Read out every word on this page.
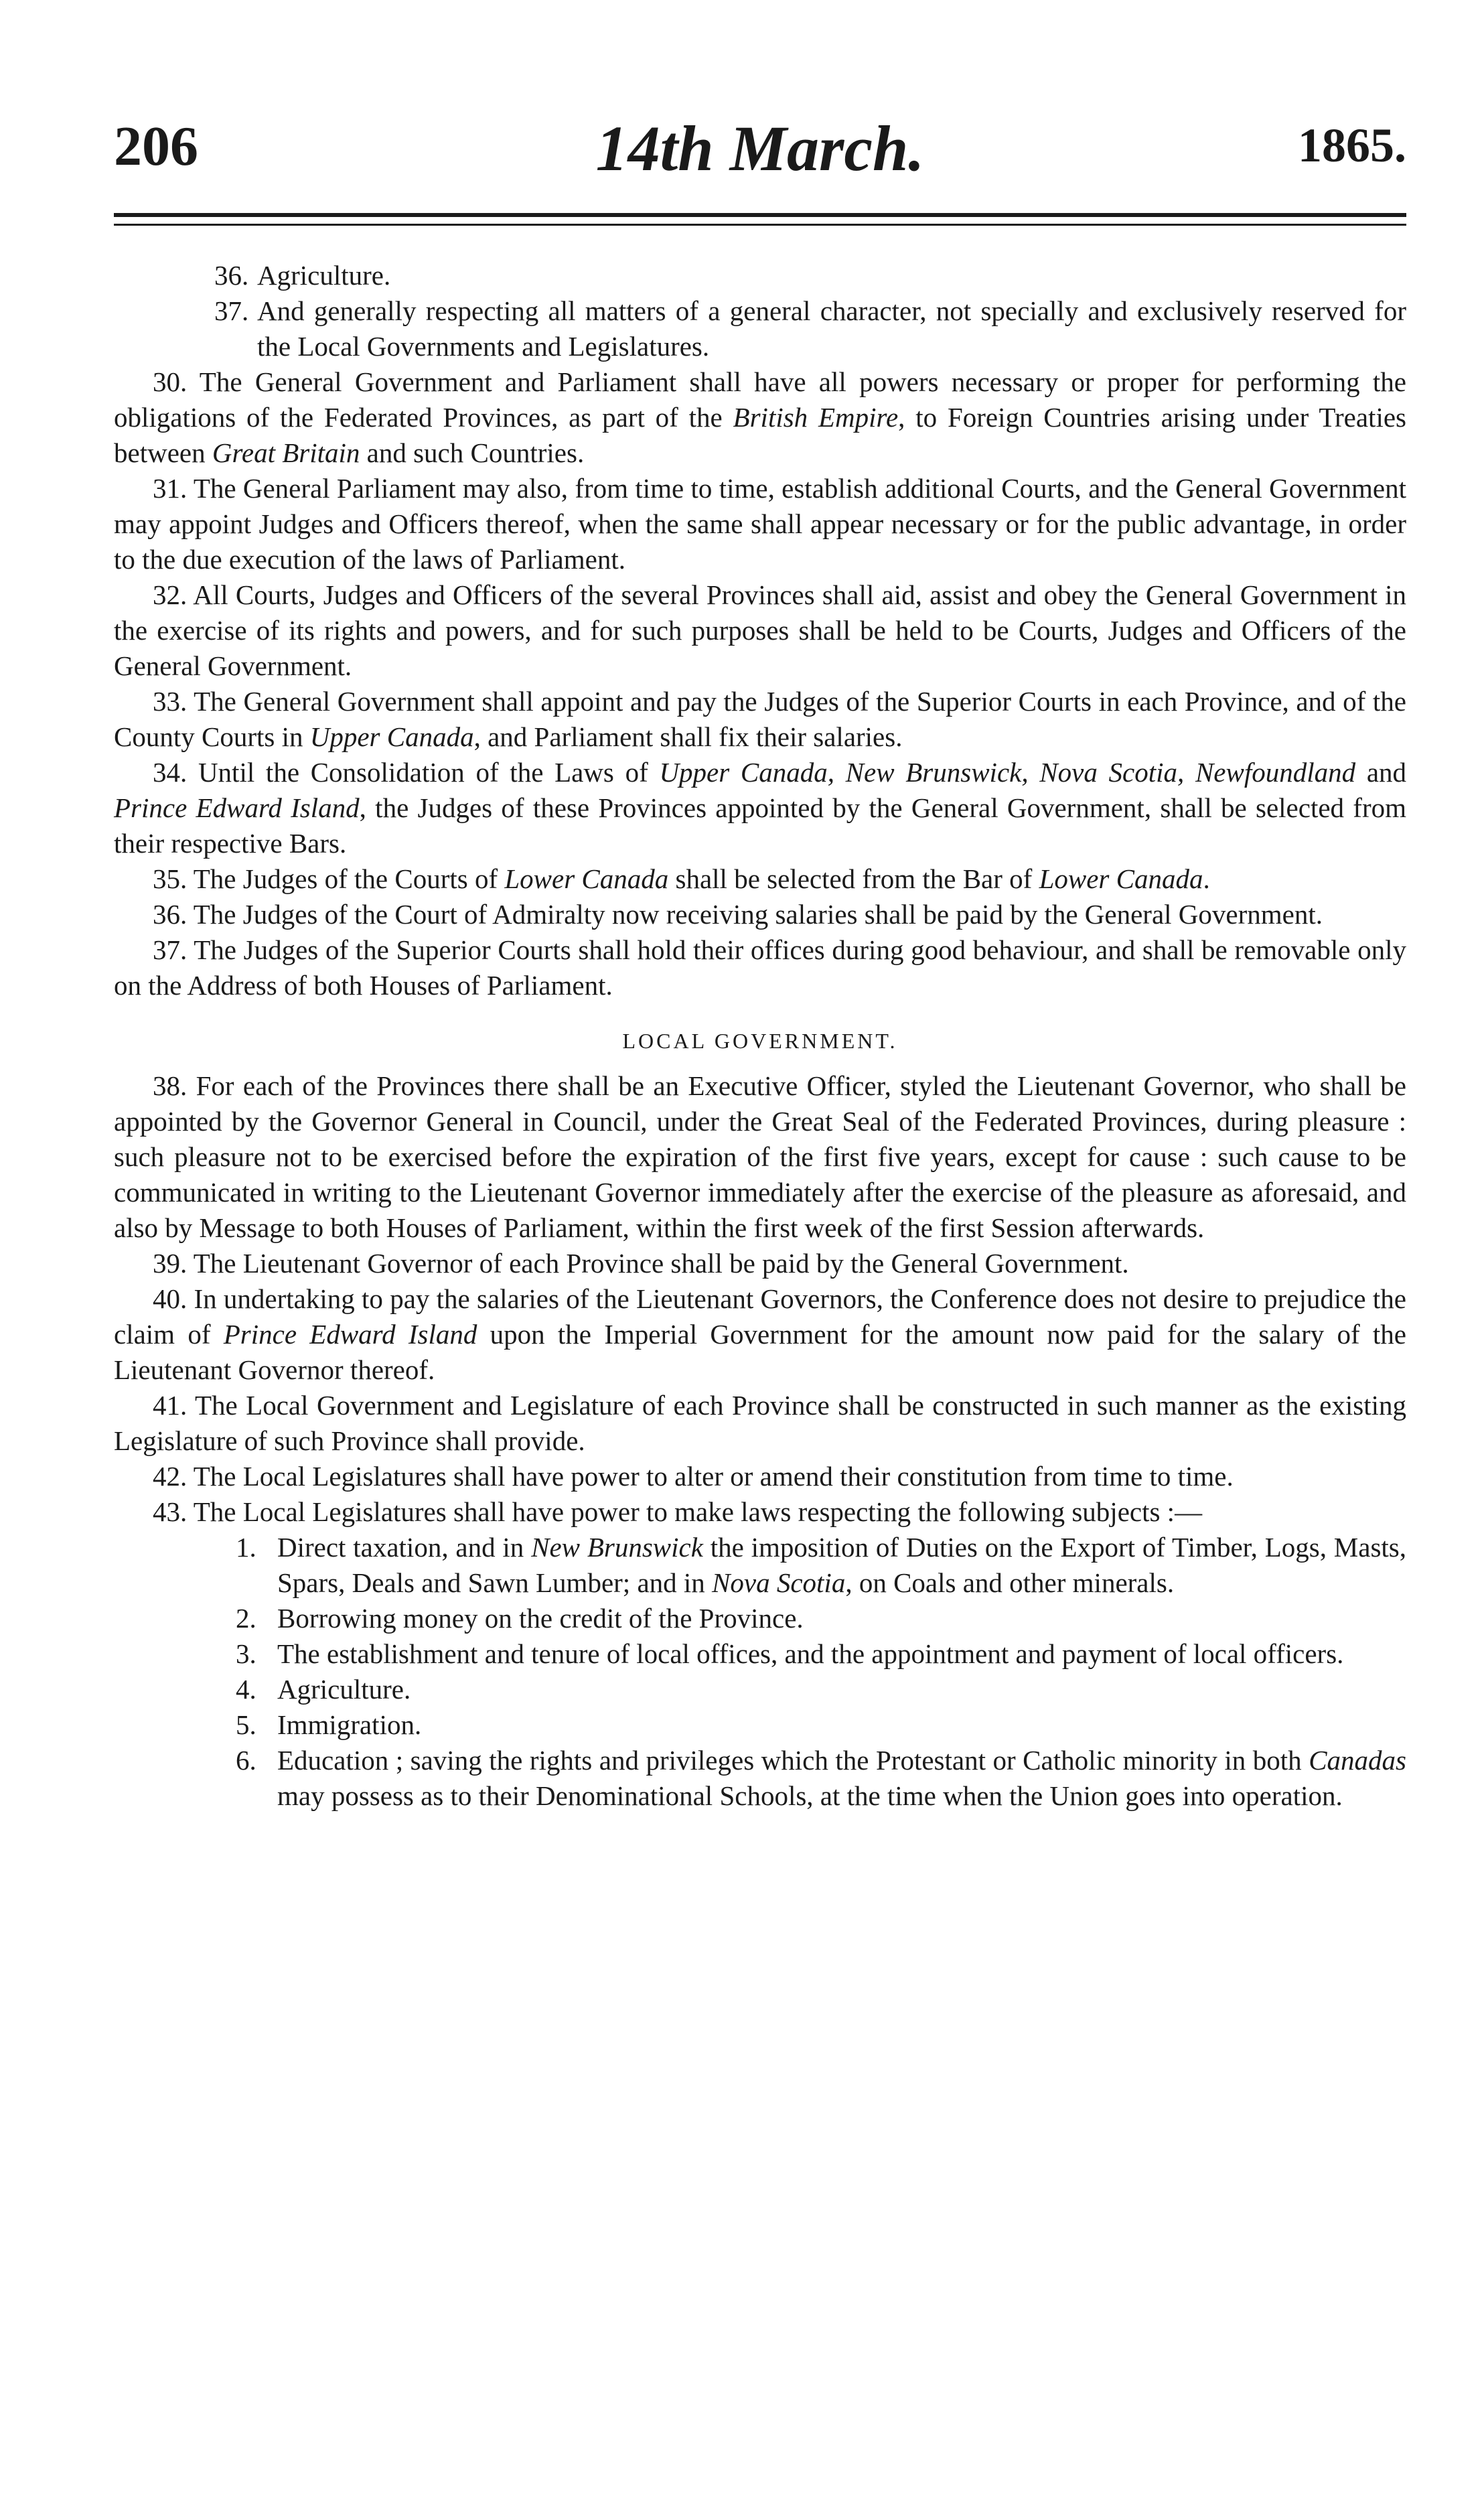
206	14th March.	1865.
36. Agriculture.
37. And generally respecting all matters of a general character, not specially and exclusively reserved for the Local Governments and Legislatures.

30. The General Government and Parliament shall have all powers necessary or proper for performing the obligations of the Federated Provinces, as part of the British Empire, to Foreign Countries arising under Treaties between Great Britain and such Countries.

31. The General Parliament may also, from time to time, establish additional Courts, and the General Government may appoint Judges and Officers thereof, when the same shall appear necessary or for the public advantage, in order to the due execution of the laws of Parliament.

32. All Courts, Judges and Officers of the several Provinces shall aid, assist and obey the General Government in the exercise of its rights and powers, and for such purposes shall be held to be Courts, Judges and Officers of the General Government.

33. The General Government shall appoint and pay the Judges of the Superior Courts in each Province, and of the County Courts in Upper Canada, and Parliament shall fix their salaries.

34. Until the Consolidation of the Laws of Upper Canada, New Brunswick, Nova Scotia, Newfoundland and Prince Edward Island, the Judges of these Provinces appointed by the General Government, shall be selected from their respective Bars.

35. The Judges of the Courts of Lower Canada shall be selected from the Bar of Lower Canada.

36. The Judges of the Court of Admiralty now receiving salaries shall be paid by the General Government.

37. The Judges of the Superior Courts shall hold their offices during good behaviour, and shall be removable only on the Address of both Houses of Parliament.

LOCAL GOVERNMENT.

38. For each of the Provinces there shall be an Executive Officer, styled the Lieutenant Governor, who shall be appointed by the Governor General in Council, under the Great Seal of the Federated Provinces, during pleasure : such pleasure not to be exercised before the expiration of the first five years, except for cause : such cause to be communicated in writing to the Lieutenant Governor immediately after the exercise of the pleasure as aforesaid, and also by Message to both Houses of Parliament, within the first week of the first Session afterwards.

39. The Lieutenant Governor of each Province shall be paid by the General Government.

40. In undertaking to pay the salaries of the Lieutenant Governors, the Conference does not desire to prejudice the claim of Prince Edward Island upon the Imperial Government for the amount now paid for the salary of the Lieutenant Governor thereof.

41. The Local Government and Legislature of each Province shall be constructed in such manner as the existing Legislature of such Province shall provide.

42. The Local Legislatures shall have power to alter or amend their constitution from time to time.

43. The Local Legislatures shall have power to make laws respecting the following subjects :—

1. Direct taxation, and in New Brunswick the imposition of Duties on the Export of Timber, Logs, Masts, Spars, Deals and Sawn Lumber; and in Nova Scotia, on Coals and other minerals.
2. Borrowing money on the credit of the Province.
3. The establishment and tenure of local offices, and the appointment and payment of local officers.
4. Agriculture.
5. Immigration.
6. Education ; saving the rights and privileges which the Protestant or Catholic minority in both Canadas may possess as to their Denominational Schools, at the time when the Union goes into operation.
